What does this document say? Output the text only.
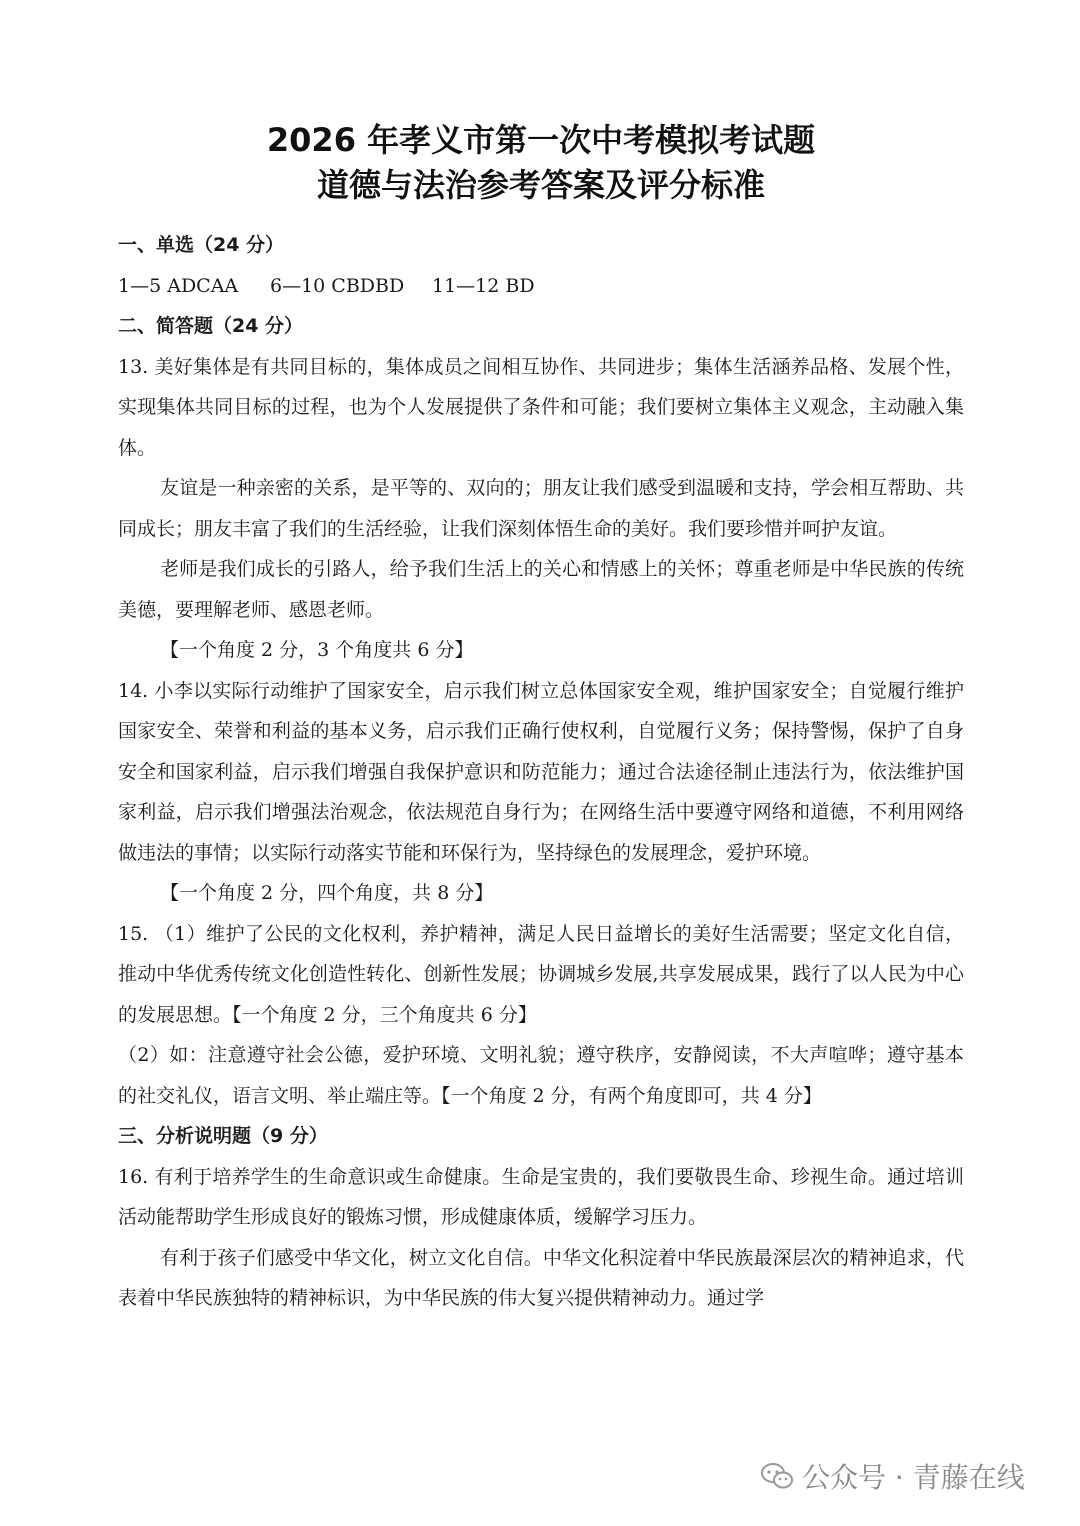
2026 年孝义市第一次中考模拟考试题
道德与法治参考答案及评分标准
一、单选（24 分）
1—5 ADCAA 6—10 CBDBD 11—12 BD
二、简答题（24 分）
13. 美好集体是有共同目标的，集体成员之间相互协作、共同进步；集体生活涵养品格、发展个性，实现集体共同目标的过程，也为个人发展提供了条件和可能；我们要树立集体主义观念，主动融入集体。
友谊是一种亲密的关系，是平等的、双向的；朋友让我们感受到温暖和支持，学会相互帮助、共同成长；朋友丰富了我们的生活经验，让我们深刻体悟生命的美好。我们要珍惜并呵护友谊。
老师是我们成长的引路人，给予我们生活上的关心和情感上的关怀；尊重老师是中华民族的传统美德，要理解老师、感恩老师。
【一个角度 2 分，3 个角度共 6 分】
14. 小李以实际行动维护了国家安全，启示我们树立总体国家安全观，维护国家安全；自觉履行维护国家安全、荣誉和利益的基本义务，启示我们正确行使权利，自觉履行义务；保持警惕，保护了自身安全和国家利益，启示我们增强自我保护意识和防范能力；通过合法途径制止违法行为，依法维护国家利益，启示我们增强法治观念，依法规范自身行为；在网络生活中要遵守网络和道德，不利用网络做违法的事情；以实际行动落实节能和环保行为，坚持绿色的发展理念，爱护环境。
【一个角度 2 分，四个角度，共 8 分】
15. （1）维护了公民的文化权利，养护精神，满足人民日益增长的美好生活需要；坚定文化自信，推动中华优秀传统文化创造性转化、创新性发展；协调城乡发展,共享发展成果，践行了以人民为中心的发展思想。【一个角度 2 分，三个角度共 6 分】
（2）如：注意遵守社会公德，爱护环境、文明礼貌；遵守秩序，安静阅读，不大声喧哗；遵守基本的社交礼仪，语言文明、举止端庄等。【一个角度 2 分，有两个角度即可，共 4 分】
三、分析说明题（9 分）
16. 有利于培养学生的生命意识或生命健康。生命是宝贵的，我们要敬畏生命、珍视生命。通过培训活动能帮助学生形成良好的锻炼习惯，形成健康体质，缓解学习压力。
有利于孩子们感受中华文化，树立文化自信。中华文化积淀着中华民族最深层次的精神追求，代表着中华民族独特的精神标识，为中华民族的伟大复兴提供精神动力。通过学
公众号 · 青藤在线
